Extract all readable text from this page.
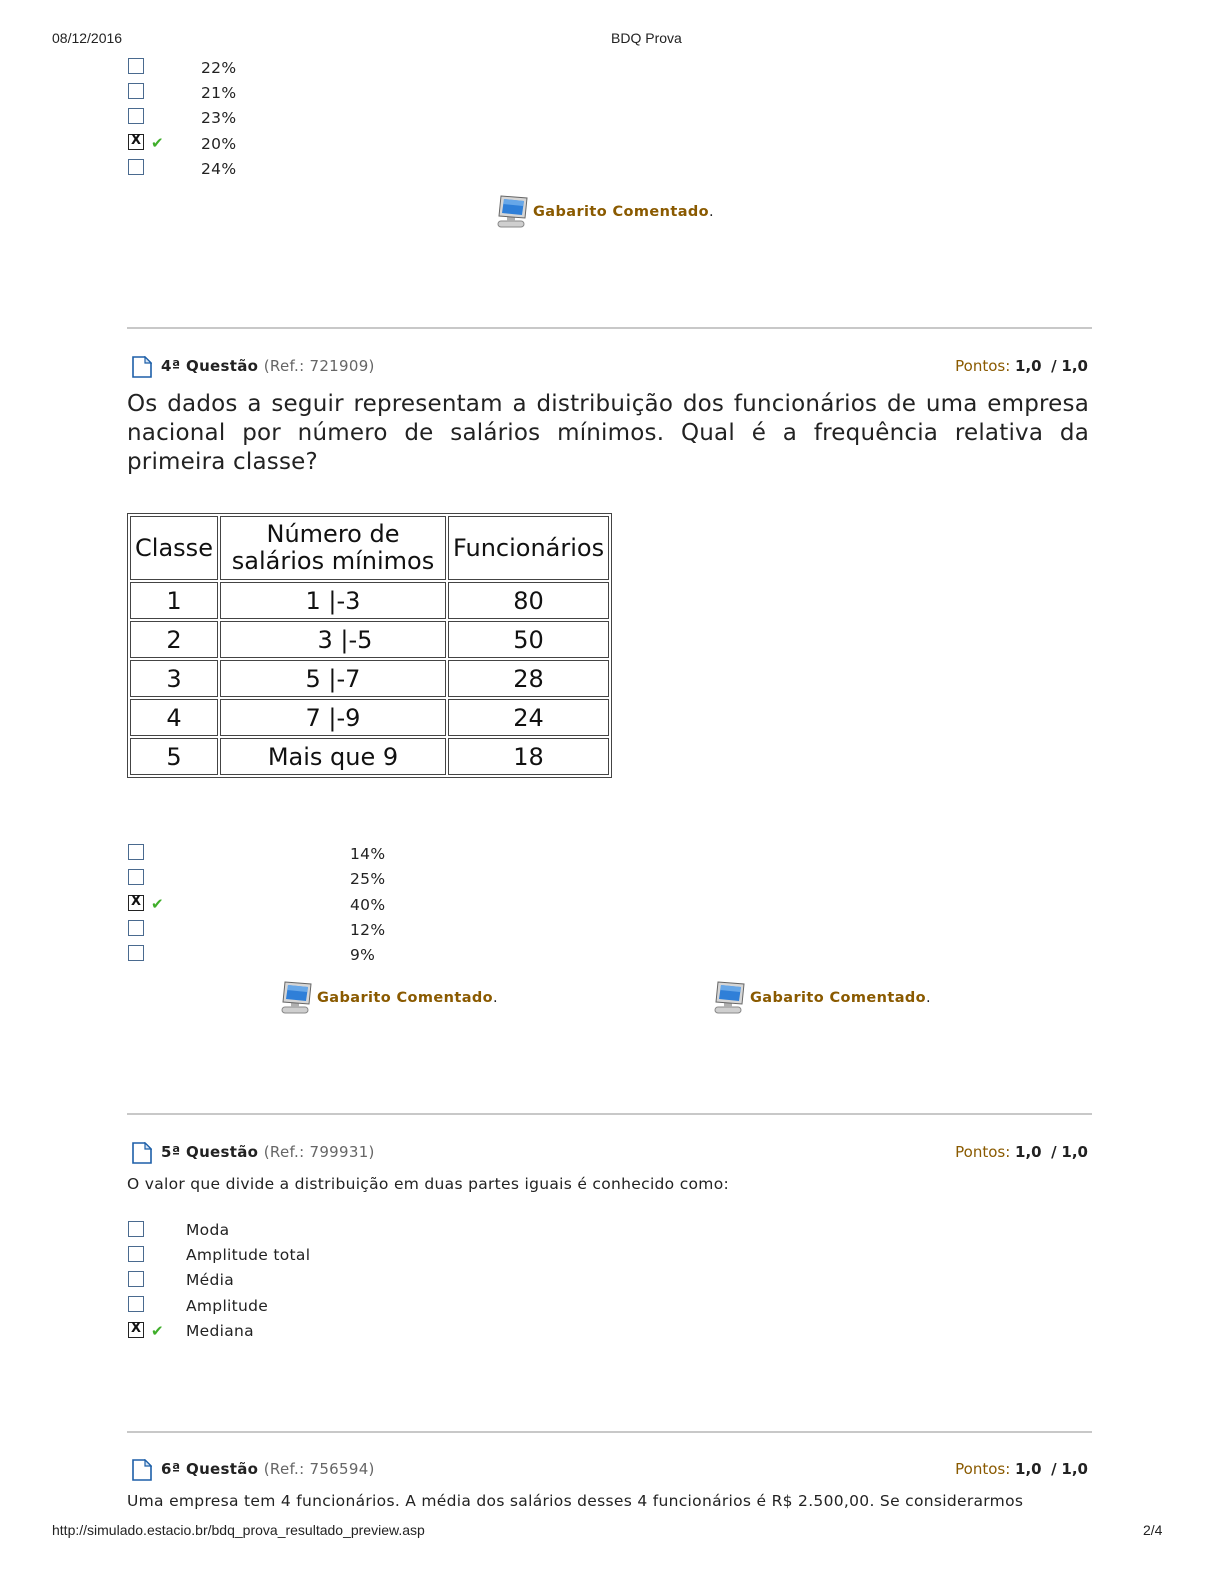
08/12/2016	BDQ Prova
22%
21%
23%
X
✔ 20%
24%
Gabarito Comentado .
4ª Questão (Ref.: 721909)	Pontos: 1,0 / 1,0
Os dados a seguir representam a distribuição dos funcionários de uma empresa nacional por número de salários mínimos. Qual é a frequência relativa da primeira classe?
Classe	Número de salários mínimos	Funcionários
1	1 |-3	80
2	3 |-5	50
3	5 |-7	28
4	7 |-9	24
5	Mais que 9	18
14%
25%
X
✔	40%
12%
9%
Gabarito Comentado .	Gabarito Comentado .
5ª Questão (Ref.: 799931)	Pontos: 1,0 / 1,0
O valor que divide a distribuição em duas partes iguais é conhecido como:
Moda
Amplitude total
Média
Amplitude
X
✔ Mediana
6ª Questão (Ref.: 756594)	Pontos: 1,0 / 1,0
Uma empresa tem 4 funcionários. A média dos salários desses 4 funcionários é R$ 2.500,00. Se considerarmos
http://simulado.estacio.br/bdq_prova_resultado_preview.asp	2/4
